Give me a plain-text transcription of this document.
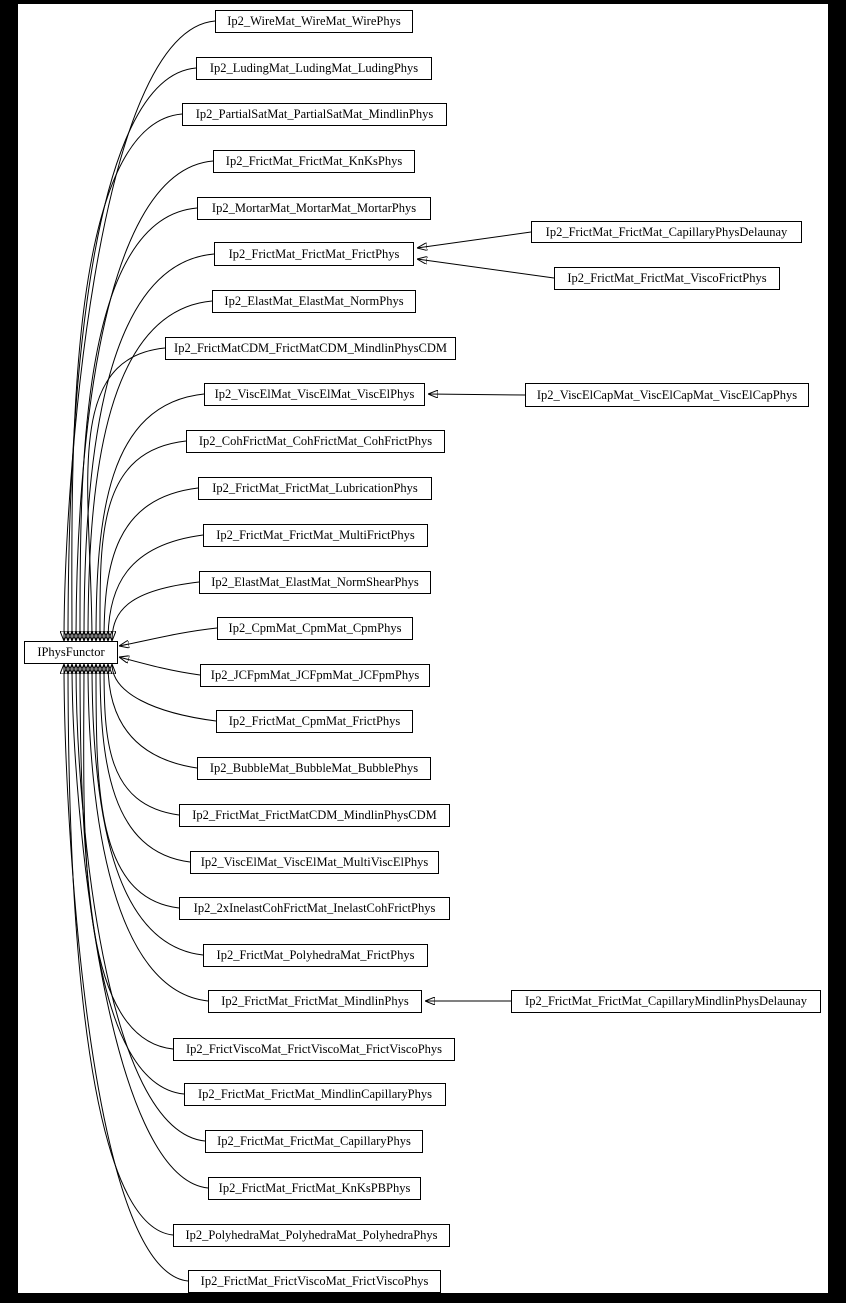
IPhysFunctor
Ip2_WireMat_WireMat_WirePhys
Ip2_LudingMat_LudingMat_LudingPhys
Ip2_PartialSatMat_PartialSatMat_MindlinPhys
Ip2_FrictMat_FrictMat_KnKsPhys
Ip2_MortarMat_MortarMat_MortarPhys
Ip2_FrictMat_FrictMat_FrictPhys
Ip2_ElastMat_ElastMat_NormPhys
Ip2_FrictMatCDM_FrictMatCDM_MindlinPhysCDM
Ip2_ViscElMat_ViscElMat_ViscElPhys
Ip2_CohFrictMat_CohFrictMat_CohFrictPhys
Ip2_FrictMat_FrictMat_LubricationPhys
Ip2_FrictMat_FrictMat_MultiFrictPhys
Ip2_ElastMat_ElastMat_NormShearPhys
Ip2_CpmMat_CpmMat_CpmPhys
Ip2_JCFpmMat_JCFpmMat_JCFpmPhys
Ip2_FrictMat_CpmMat_FrictPhys
Ip2_BubbleMat_BubbleMat_BubblePhys
Ip2_FrictMat_FrictMatCDM_MindlinPhysCDM
Ip2_ViscElMat_ViscElMat_MultiViscElPhys
Ip2_2xInelastCohFrictMat_InelastCohFrictPhys
Ip2_FrictMat_PolyhedraMat_FrictPhys
Ip2_FrictMat_FrictMat_MindlinPhys
Ip2_FrictViscoMat_FrictViscoMat_FrictViscoPhys
Ip2_FrictMat_FrictMat_MindlinCapillaryPhys
Ip2_FrictMat_FrictMat_CapillaryPhys
Ip2_FrictMat_FrictMat_KnKsPBPhys
Ip2_PolyhedraMat_PolyhedraMat_PolyhedraPhys
Ip2_FrictMat_FrictViscoMat_FrictViscoPhys
Ip2_FrictMat_FrictMat_CapillaryPhysDelaunay
Ip2_FrictMat_FrictMat_ViscoFrictPhys
Ip2_ViscElCapMat_ViscElCapMat_ViscElCapPhys
Ip2_FrictMat_FrictMat_CapillaryMindlinPhysDelaunay
